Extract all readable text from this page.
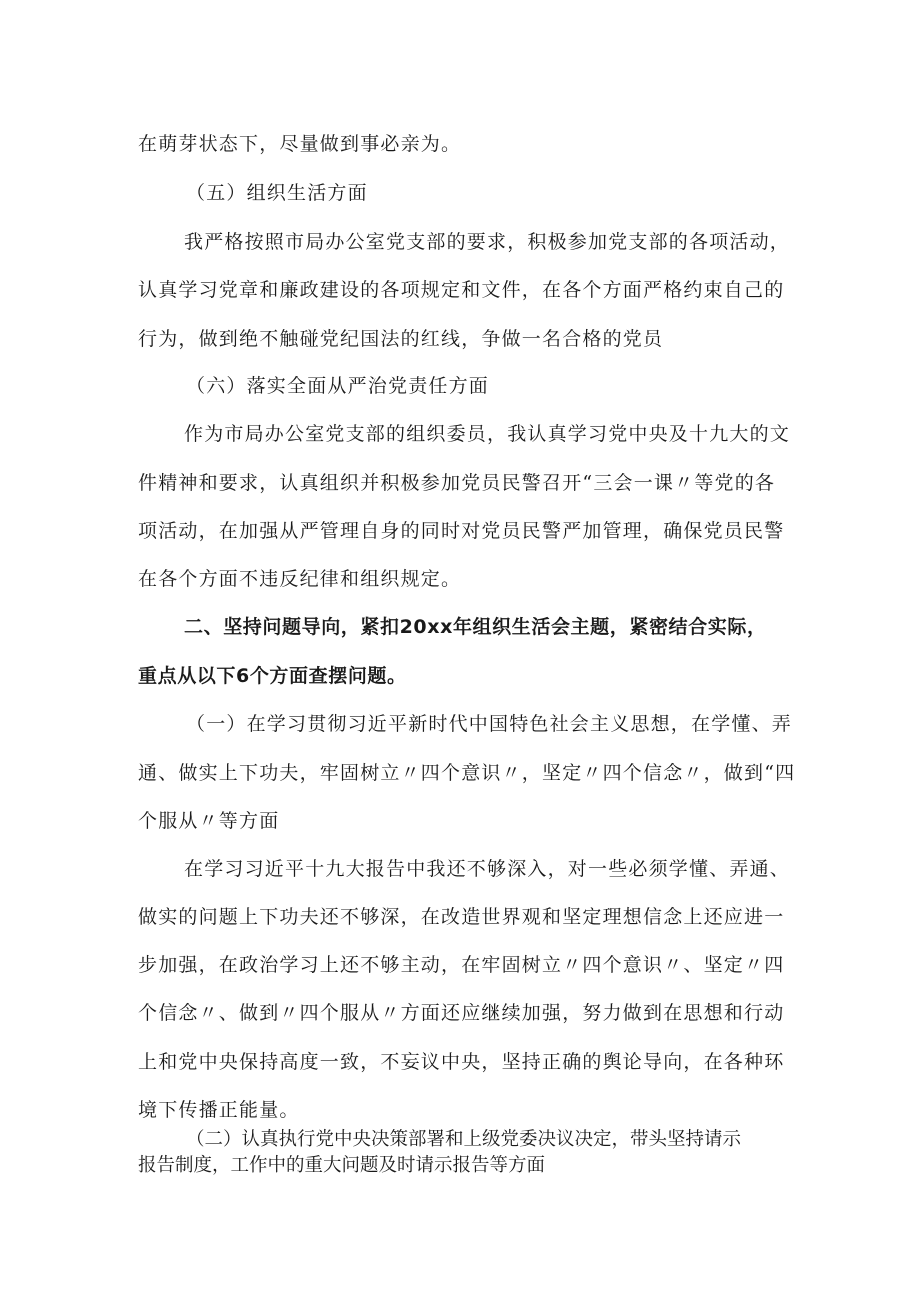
在萌芽状态下，尽量做到事必亲为。
（五）组织生活方面
我严格按照市局办公室党支部的要求，积极参加党支部的各项活动，
认真学习党章和廉政建设的各项规定和文件，在各个方面严格约束自己的
行为，做到绝不触碰党纪国法的红线，争做一名合格的党员
（六）落实全面从严治党责任方面
作为市局办公室党支部的组织委员，我认真学习党中央及十九大的文
件精神和要求，认真组织并积极参加党员民警召开“三会一课〃等党的各
项活动，在加强从严管理自身的同时对党员民警严加管理，确保党员民警
在各个方面不违反纪律和组织规定。
二、坚持问题导向，紧扣20xx年组织生活会主题，紧密结合实际，
重点从以下6个方面查摆问题。
（一）在学习贯彻习近平新时代中国特色社会主义思想，在学懂、弄
通、做实上下功夫，牢固树立〃四个意识〃，坚定〃四个信念〃，做到“四
个服从〃等方面
在学习习近平十九大报告中我还不够深入，对一些必须学懂、弄通、
做实的问题上下功夫还不够深，在改造世界观和坚定理想信念上还应进一
步加强，在政治学习上还不够主动，在牢固树立〃四个意识〃、坚定〃四
个信念〃、做到〃四个服从〃方面还应继续加强，努力做到在思想和行动
上和党中央保持高度一致，不妄议中央，坚持正确的舆论导向，在各种环
境下传播正能量。
（二）认真执行党中央决策部署和上级党委决议决定，带头坚持请示
报告制度，工作中的重大问题及时请示报告等方面
